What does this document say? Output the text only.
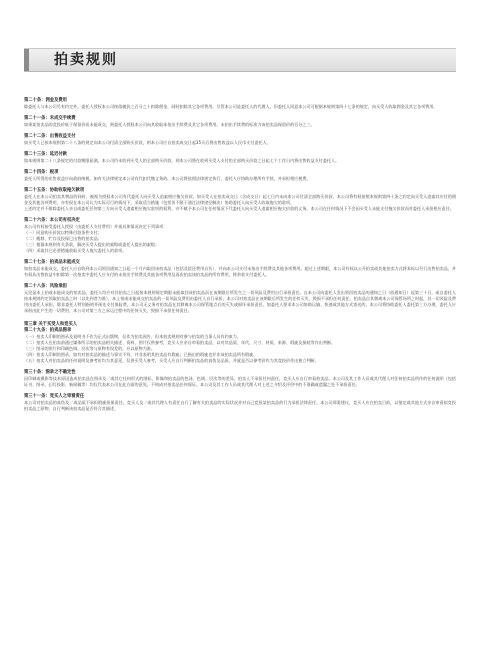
拍卖规则
第二十条：佣金及费用
除委托人与本公司另有约定外，委托人授权本公司按落槌价之百分之十扣除佣金，同时扣除其它各项费用。尽管本公司是委托人的代理人，但委托人同意本公司可根据本规则第四十七条的规定，向买受人收取佣金及其它各项费用。
第二十一条：未成交手续费
如果某拍卖品的竞投价低于保留价而未能成交，则委托人授权本公司向其收取本拍出手续费及其它各项费用。未拍出手续费的标准为该拍卖品保留价的百分之三。
第二十二条：出售收益支付
如买受人已按本规则第二十八条的规定向本公司付清全部购买价款，则本公司应自拍卖成交日起35天后将出售收益以人民币支付委托人。
第二十三条：延迟付款
如本规则第二十八条规定的付款期限届满，本公司仍未收到买受人的全部购买价款，则本公司将在收到买受人支付的全部购买价款之日起七个工作日内将出售收益支付委托人。
第二十四条：税项
委托人所得的出售收益应向政府纳税。如有关法律规定本公司有代扣代缴义务的，本公司将依照法律规定执行，委托人应协助办理所有手续，并承担相应税费。
第二十五条：协助收取拖欠款项
委托人在本公司拍卖其物品的同时，被视为授权本公司有代委托人向买受人追索相应拖欠价款。如买受人在拍卖成交日（含成交日）起七日内未向本公司付清全部购买价款，本公司将有权按照本规则第四十条之约定向买受人追索其应付的佣金及其他各项费用，亦有权在本公司认为实际可行的情况下，采取适当措施（包括但不限于通过法律途径解决）协助委托人向买受人收取拖欠的款项。
上述约定并不排除委托人亲自或委托任何第三方向买受人追索相应拖欠款项的权利，亦不赋予本公司在任何情况下代委托人向买受人追索相应拖欠价款的义务。本公司在任何情况下不会因买受人未能支付拖欠价款而对委托人承担相应责任。
第二十六条：本公司有权决定
本公司有权接受委托人授权（由委托人支付费用）并视具体情况决定下列事项：
（一）同意购买价款以特殊付款条件支付；
（二）搬移、贮存及投保已出售的拍卖品；
（三）根据本规则有关条款，解决买受人提出的索赔或委托人提出的索赔；
（四）采取其它必要措施收取买受人拖欠委托人的款项。
第二十七条：拍卖品未能成交
如拍卖品未能成交，委托人应自收到本公司领回通知之日起一个月内取回该拍卖品（包括及偿还费用自负），并向本公司支付未拍出手续费及其他各项费用。超过上述期限，本公司有权以公开拍卖或其他拍卖方式将本标以另行出售拍卖品，并有权从出售收益中扣除第一次拍卖中委托人应支付的未拍出手续费及其他各项费用及再次拍卖该拍卖品的所有费用，将余款支付委托人。
第二十八条：风险承担
无论是本上拍或未能成交的拍卖品，委托人均应对其拍卖之日起按本规则规定期限未能取回该拍卖品而在该期限后所发生之一切风险及费用自行承担责任。自本公司向委托人发出领回拍卖品的通知之日（依通知日）起第三十日，或自委托人按本规则约定领取拍卖品之时（以先到者为准），本上拍或未能成交拍卖品的一切风险及费用由委托人自行承担，本公司对拍卖品在该期限后所发生的任何灭失、毁损不承担任何责任。拍卖品自其移离本公司保管场所之时起，其一切风险及费用由委托人承担。除非委托人特别指明并预先支付保险费，本公司无义务对拍卖品在其移离本公司保管地点后的灭失或损坏承担责任。如委托人要求本公司协助运输、快递或其他方式寄送的，本公司将协助委托人委托第三方办理，委托人应承担由此产生的一切费用，本公司对第三方之承运过程中的任何灭失、毁损不承担任何责任。
第三章 关于买受人和竞买人
第二十九条：拍卖品图录
（一）拍卖人印制的图录及说明书不作为正式出版物，仅作为拍卖预告，但本拍卖规则对参与拍卖的当事人具有约束力。
（二）拍卖人在拍卖前通过媒体所示的拍卖品相关描述、资料、图片仅供参考，竞买人应亲自审看拍卖品，以对其品质、年代、尺寸、材质、来源、瑕疵及损耗等作出判断。
（三）图录的图片和印刷色调、层次等与原物有误差的，应以原物为准。
（四）拍卖人印制的图录，如有对拍卖品的描述与事实不符，并非表明其拍卖品有瑕疵；已指出的瑕疵也并非该拍卖品所有瑕疵。
（五）拍卖人对拍卖品的任何说明及参考价均为其意见，仅供买受人参考，买受人应自行判断拍卖品的真伪及品质，并就是否以参考价作为其竞投价作出独立判断。
第三十条：图录之不确定性
因印刷或摄影等技术原因造成拍卖品在图录及／或其它任何形式的图标、影像和拍卖品的色泽、色调、层次等的差异，拍卖人不承担任何责任，竞买人应自行审看拍卖品。本公司及其工作人员或其代理人对任何拍卖品所作的任何说明（包括证书、图录、幻灯投影、新闻稿等）均仅代表本公司在此方面的意见，不构成对拍卖品任何保证。本公司及其工作人员或其代理人对上述之介绍及评价中的不准确或遗漏之处不承担责任。
第三十一条：竞买人之审看责任
本公司对拍卖品的真伪及／或品质不承担瑕疵担保责任。竞买人及／或其代理人有责任自行了解有关拍卖品的实际状况并对自己竞投某拍卖品的行为承担法律责任。本公司郑重建议，竞买人应在拍卖日前，以鉴定或其他方式亲自审看拟竞投拍卖品之原物，自行判断该拍卖品是否符合其描述。
